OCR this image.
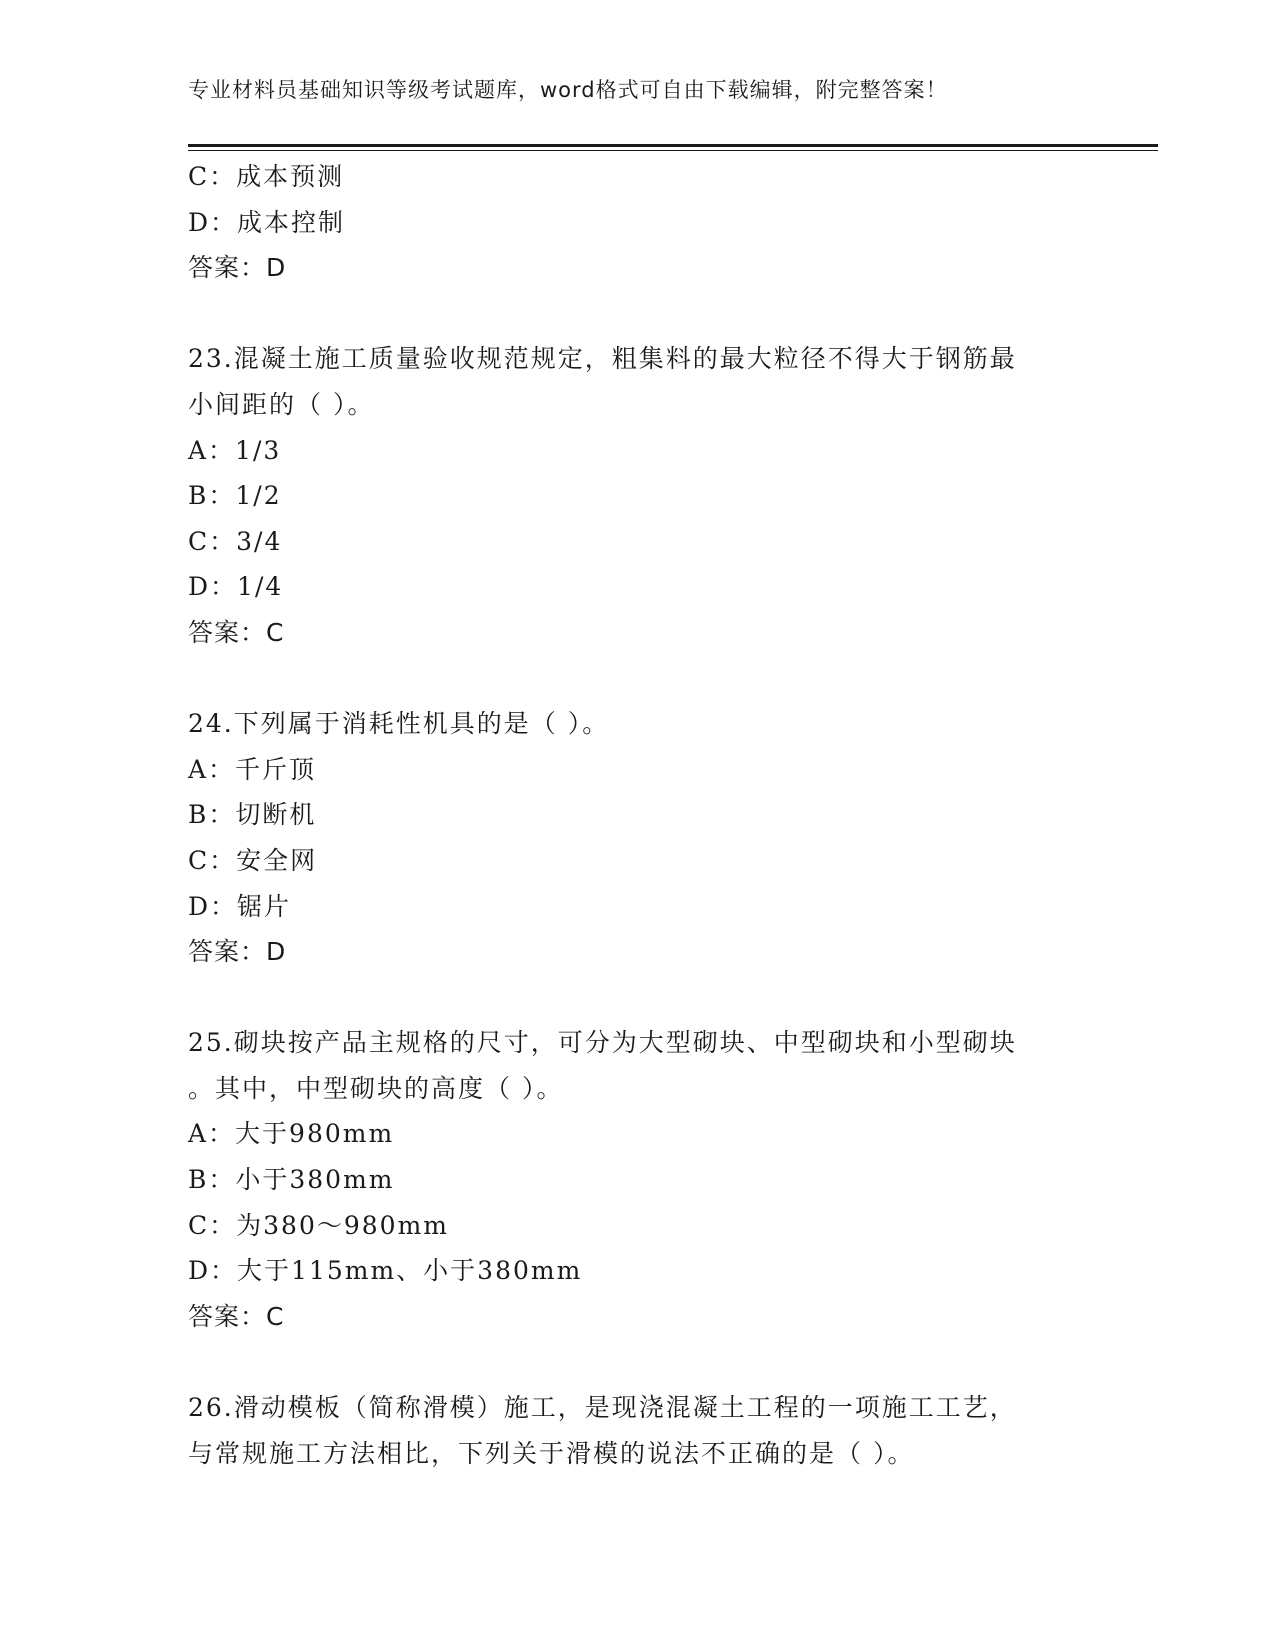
专业材料员基础知识等级考试题库，word格式可自由下载编辑，附完整答案！
C：成本预测
D：成本控制
答案：D
23.混凝土施工质量验收规范规定，粗集料的最大粒径不得大于钢筋最
小间距的（ ）。
A：1/3
B：1/2
C：3/4
D：1/4
答案：C
24.下列属于消耗性机具的是（ ）。
A：千斤顶
B：切断机
C：安全网
D：锯片
答案：D
25.砌块按产品主规格的尺寸，可分为大型砌块、中型砌块和小型砌块
。其中，中型砌块的高度（ ）。
A：大于980mm
B：小于380mm
C：为380～980mm
D：大于115mm、小于380mm
答案：C
26.滑动模板（简称滑模）施工，是现浇混凝土工程的一项施工工艺，
与常规施工方法相比，下列关于滑模的说法不正确的是（ ）。
